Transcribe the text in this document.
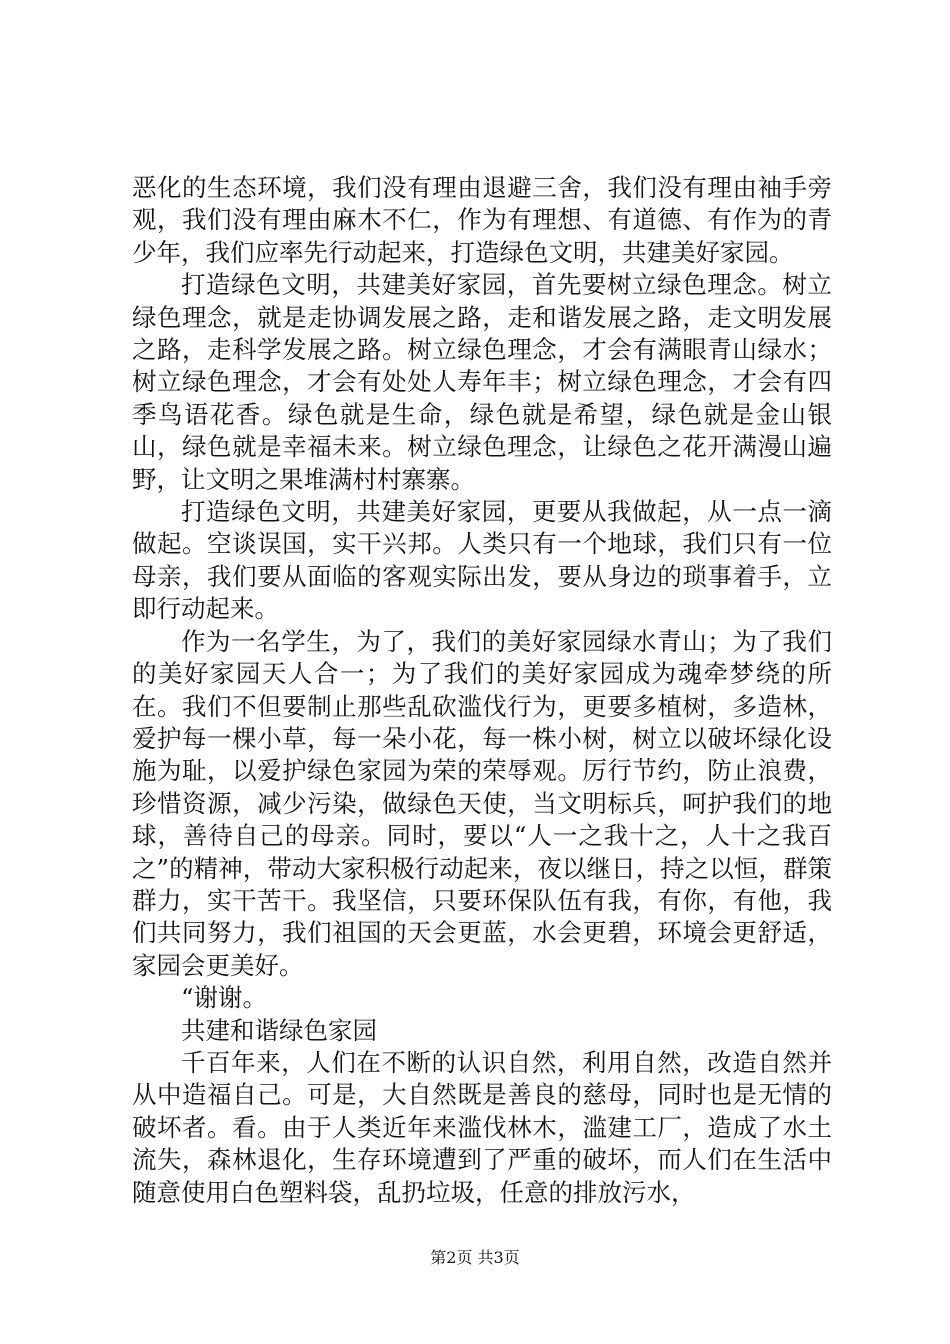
恶化的生态环境，我们没有理由退避三舍，我们没有理由袖手旁观，我们没有理由麻木不仁，作为有理想、有道德、有作为的青少年，我们应率先行动起来，打造绿色文明，共建美好家园。

打造绿色文明，共建美好家园，首先要树立绿色理念。树立绿色理念，就是走协调发展之路，走和谐发展之路，走文明发展之路，走科学发展之路。树立绿色理念，才会有满眼青山绿水；树立绿色理念，才会有处处人寿年丰；树立绿色理念，才会有四季鸟语花香。绿色就是生命，绿色就是希望，绿色就是金山银山，绿色就是幸福未来。树立绿色理念，让绿色之花开满漫山遍野，让文明之果堆满村村寨寨。

打造绿色文明，共建美好家园，更要从我做起，从一点一滴做起。空谈误国，实干兴邦。人类只有一个地球，我们只有一位母亲，我们要从面临的客观实际出发，要从身边的琐事着手，立即行动起来。

作为一名学生，为了，我们的美好家园绿水青山；为了我们的美好家园天人合一；为了我们的美好家园成为魂牵梦绕的所在。我们不但要制止那些乱砍滥伐行为，更要多植树，多造林，爱护每一棵小草，每一朵小花，每一株小树，树立以破坏绿化设施为耻，以爱护绿色家园为荣的荣辱观。厉行节约，防止浪费，珍惜资源，减少污染，做绿色天使，当文明标兵，呵护我们的地球，善待自己的母亲。同时，要以“人一之我十之，人十之我百之”的精神，带动大家积极行动起来，夜以继日，持之以恒，群策群力，实干苦干。我坚信，只要环保队伍有我，有你，有他，我们共同努力，我们祖国的天会更蓝，水会更碧，环境会更舒适，家园会更美好。

“谢谢。

共建和谐绿色家园

千百年来，人们在不断的认识自然，利用自然，改造自然并从中造福自己。可是，大自然既是善良的慈母，同时也是无情的破坏者。看。由于人类近年来滥伐林木，滥建工厂，造成了水土流失，森林退化，生存环境遭到了严重的破坏，而人们在生活中随意使用白色塑料袋，乱扔垃圾，任意的排放污水，

第2页 共3页
